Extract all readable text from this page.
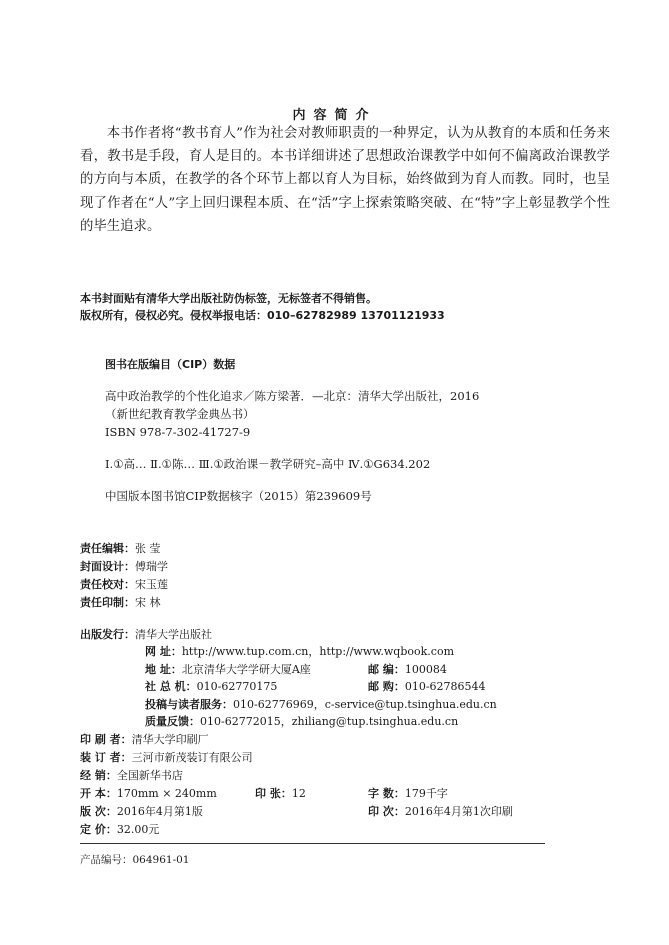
内容简介
本书作者将“教书育人”作为社会对教师职责的一种界定，认为从教育的本质和任务来看，教书是手段，育人是目的。本书详细讲述了思想政治课教学中如何不偏离政治课教学的方向与本质，在教学的各个环节上都以育人为目标，始终做到为育人而教。同时，也呈现了作者在“人”字上回归课程本质、在“活”字上探索策略突破、在“特”字上彰显教学个性的毕生追求。
本书封面贴有清华大学出版社防伪标签，无标签者不得销售。
版权所有，侵权必究。侵权举报电话：010–62782989 13701121933
图书在版编目（CIP）数据
高中政治教学的个性化追求／陈方梁著．—北京：清华大学出版社，2016
（新世纪教育教学金典丛书）
ISBN 978-7-302-41727-9
Ⅰ.①高… Ⅱ.①陈… Ⅲ.①政治课－教学研究–高中 Ⅳ.①G634.202
中国版本图书馆CIP数据核字（2015）第239609号
责任编辑：张 莹
封面设计：傅瑞学
责任校对：宋玉莲
责任印制：宋 林
出版发行：清华大学出版社
网 址：http://www.tup.com.cn，http://www.wqbook.com
地 址：北京清华大学学研大厦A座	邮 编：100084
社 总 机：010-62770175	邮 购：010-62786544
投稿与读者服务：010-62776969，c-service@tup.tsinghua.edu.cn
质量反馈：010-62772015，zhiliang@tup.tsinghua.edu.cn
印 刷 者：清华大学印刷厂
装 订 者：三河市新茂装订有限公司
经 销：全国新华书店
开 本：170mm × 240mm	印 张：12	字 数：179千字
版 次：2016年4月第1版	印 次：2016年4月第1次印刷
定 价：32.00元
产品编号：064961-01
